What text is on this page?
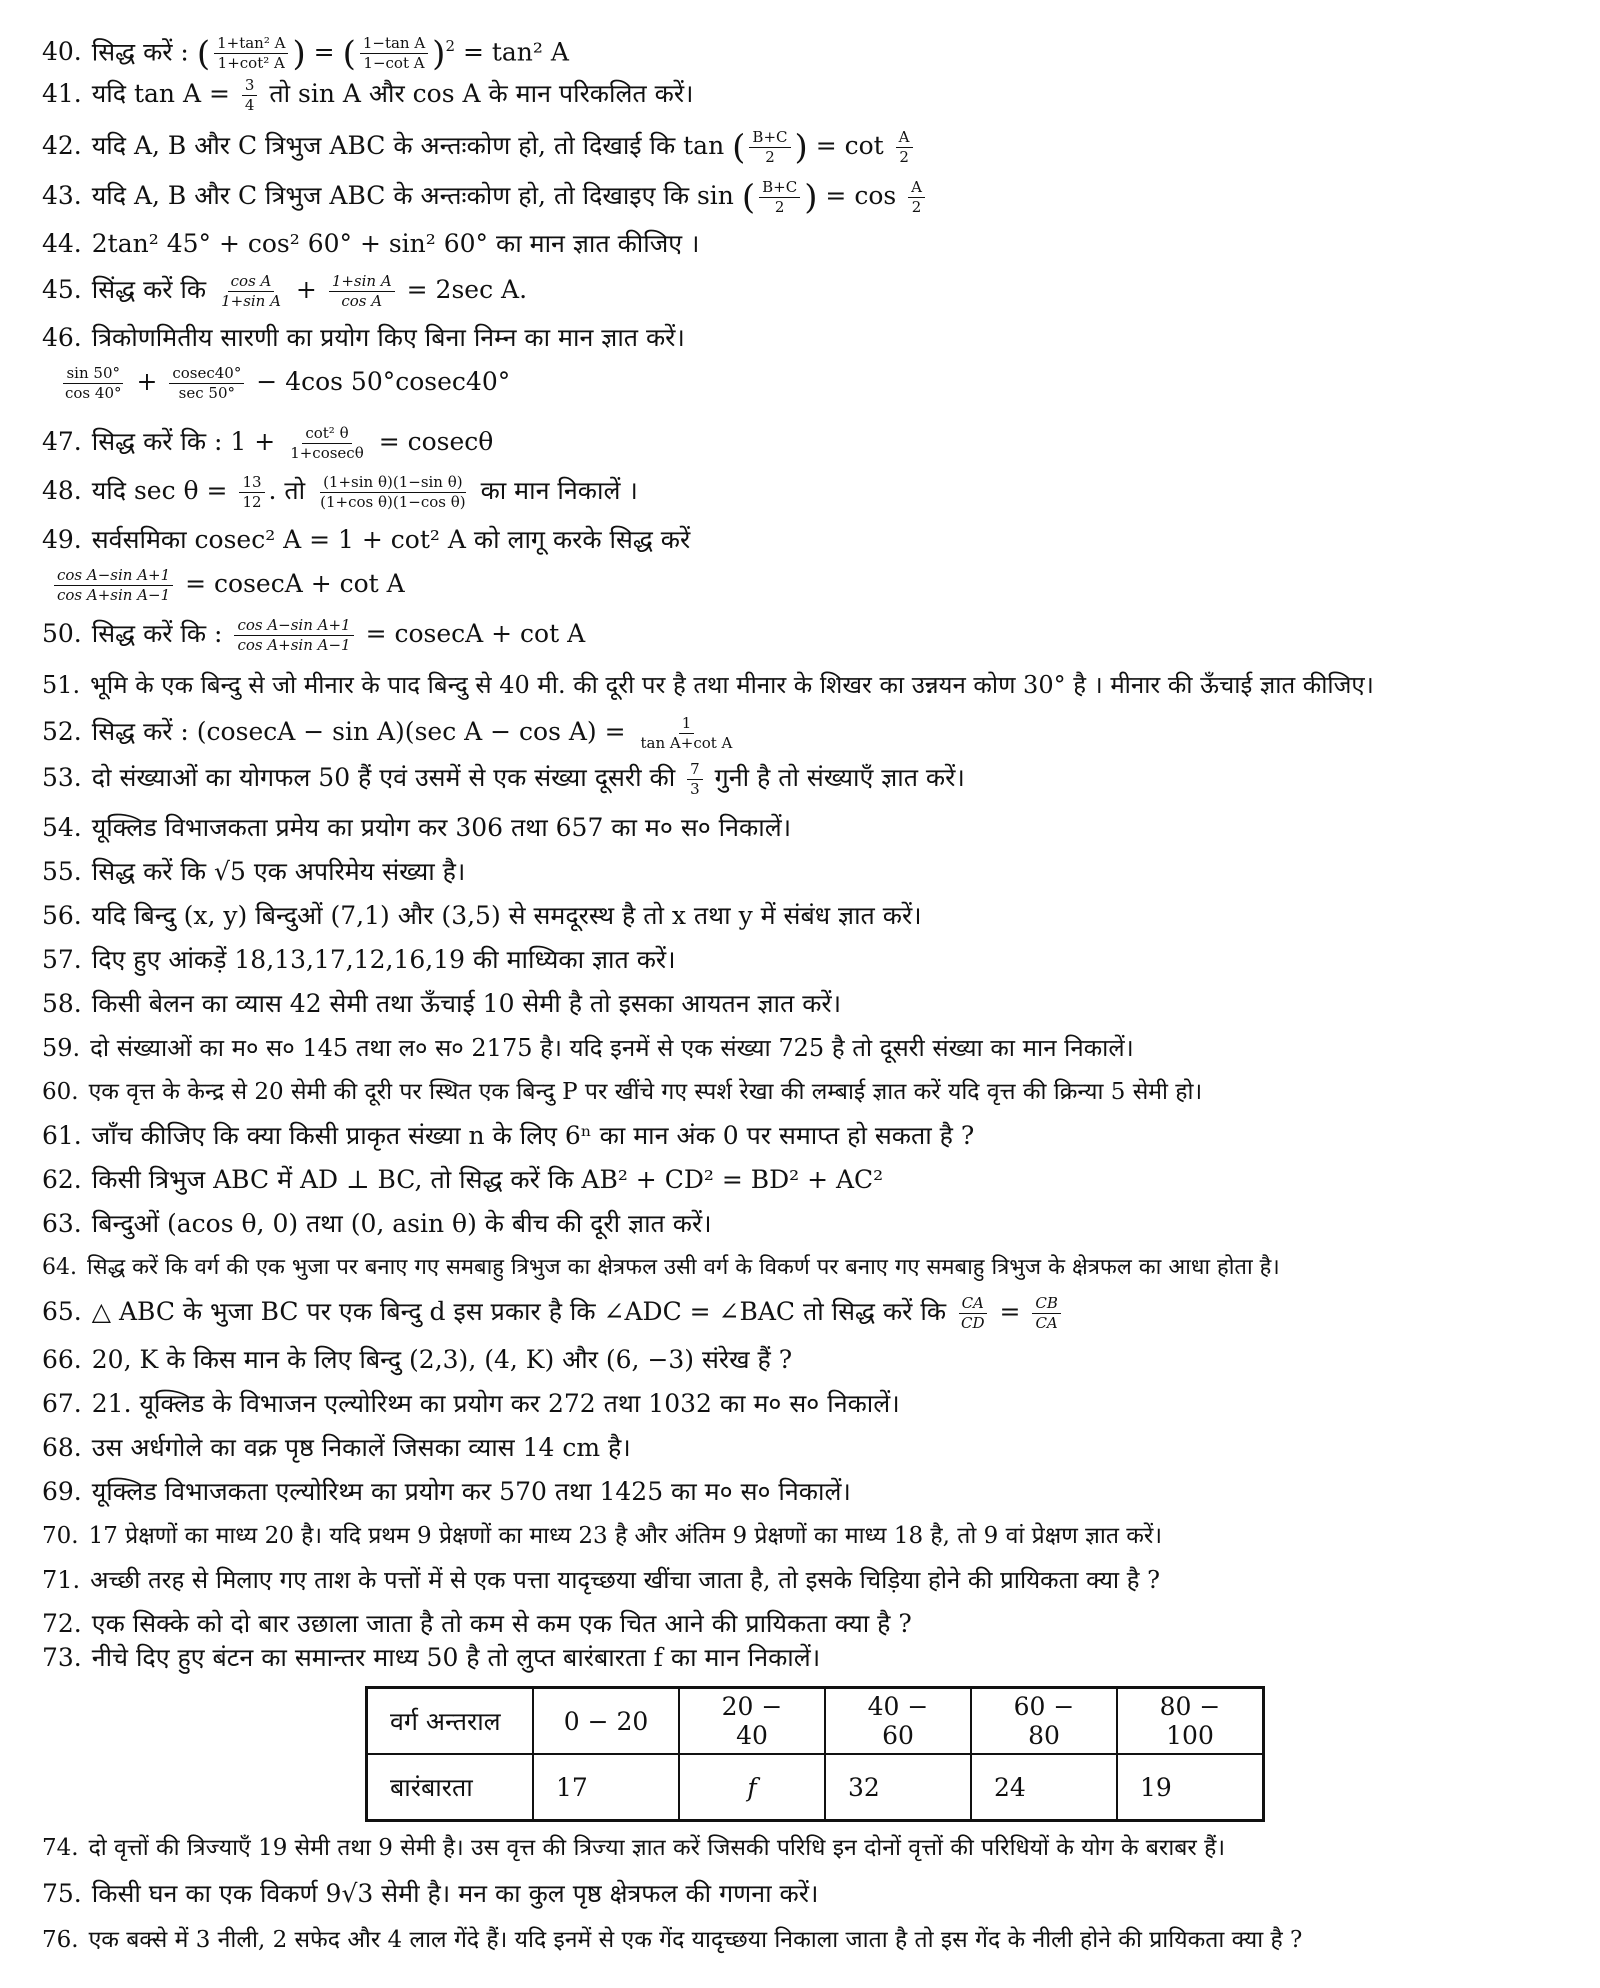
40. सिद्ध करें : ( $\frac{\text{1+tan² A}}{\text{1+cot² A}}$ ) = ( $\frac{\text{1−tan A}}{\text{1−cot A}} )^2 = \tan^2$ A
41. यदि $\tan A = \frac{3}{4}$ तो sin A और cos A के मान परिकलित करें।
42. यदि A, B और C त्रिभुज ABC के अन्तःकोण हो, तो दिखाई कि tan ( $\frac{B+C}{2}$ ) = $\cot \frac{A}{2}$
43. यदि A, B और C त्रिभुज ABC के अन्तःकोण हो, तो दिखाइए कि sin ( $\frac{B+C}{2}$ ) = $\cos \frac{A}{2}$
44. 2tan² 45° + cos² 60° + sin² 60° का मान ज्ञात कीजिए ।
45. सिंद्ध करें कि $\frac{\text{cos A}}{\text{1+sin A}} + \frac{\text{1+sin A}}{\text{cos A}} = 2\sec$ A.
46. त्रिकोणमितीय सारणी का प्रयोग किए बिना निम्न का मान ज्ञात करें।
$\frac{\sin 50^\circ}{\cos 40^\circ} + \frac{cosec40^\circ}{\sec 50^\circ} - 4\cos$ 50°cosec40°
47. सिद्ध करें कि : $1 + \frac{\text{cot² θ}}{1+cosec\theta} = cosec\theta$
48. यदि $\sec \theta = \frac{13}{12}$ . तो $\frac{\text{(1+sin θ)(1−sin θ)}}{\text{(1+cos θ)(1−cos θ)}}$ का मान निकालें ।
49. सर्वसमिका cosec² A = 1 + cot² A को लागू करके सिद्ध करें
$\frac{\text{cos A−sin A+1}}{\text{cos A+sin A−1}} = cosecA + \cot A$
50. सिद्ध करें कि : $\frac{\text{cos A−sin A+1}}{\text{cos A+sin A−1}} = cosecA + \cot A$
51. भूमि के एक बिन्दु से जो मीनार के पाद बिन्दु से 40 मी. की दूरी पर है तथा मीनार के शिखर का उन्नयन कोण 30° है । मीनार की ऊँचाई ज्ञात कीजिए।
52. सिद्ध करें : (cosecA − sin A)(sec $A - \cos A) = \frac{1}{\text{tan A+cot A}}$
53. दो संख्याओं का योगफल 50 हैं एवं उसमें से एक संख्या दूसरी की $\frac{7}{3}$ गुनी है तो संख्याएँ ज्ञात करें।
54. यूक्लिड विभाजकता प्रमेय का प्रयोग कर 306 तथा 657 का म० स० निकालें।
55. सिद्ध करें कि √5 एक अपरिमेय संख्या है।
56. यदि बिन्दु (x, y) बिन्दुओं (7,1) और (3,5) से समदूरस्थ है तो x तथा y में संबंध ज्ञात करें।
57. दिए हुए आंकड़ें 18,13,17,12,16,19 की माध्यिका ज्ञात करें।
58. किसी बेलन का व्यास 42 सेमी तथा ऊँचाई 10 सेमी है तो इसका आयतन ज्ञात करें।
59. दो संख्याओं का म० स० 145 तथा ल० स० 2175 है। यदि इनमें से एक संख्या 725 है तो दूसरी संख्या का मान निकालें।
60. एक वृत्त के केन्द्र से 20 सेमी की दूरी पर स्थित एक बिन्दु P पर खींचे गए स्पर्श रेखा की लम्बाई ज्ञात करें यदि वृत्त की क्रिन्या 5 सेमी हो।
61. जाँच कीजिए कि क्या किसी प्राकृत संख्या n के लिए 6ⁿ का मान अंक 0 पर समाप्त हो सकता है ?
62. किसी त्रिभुज ABC में AD ⊥ BC, तो सिद्ध करें कि AB² + CD² = BD² + AC²
63. बिन्दुओं (acos θ, 0) तथा (0, asin θ) के बीच की दूरी ज्ञात करें।
64. सिद्ध करें कि वर्ग की एक भुजा पर बनाए गए समबाहु त्रिभुज का क्षेत्रफल उसी वर्ग के विकर्ण पर बनाए गए समबाहु त्रिभुज के क्षेत्रफल का आधा होता है।
65. △ ABC के भुजा BC पर एक बिन्दु d इस प्रकार है कि ∠ADC = ∠BAC तो सिद्ध करें कि $\frac{CA}{CD} = \frac{CB}{CA}$
66. 20, K के किस मान के लिए बिन्दु (2,3), (4, K) और (6, −3) संरेख हैं ?
67. 21. यूक्लिड के विभाजन एल्योरिथ्म का प्रयोग कर 272 तथा 1032 का म० स० निकालें।
68. उस अर्धगोले का वक्र पृष्ठ निकालें जिसका व्यास 14 cm है।
69. यूक्लिड विभाजकता एल्योरिथ्म का प्रयोग कर 570 तथा 1425 का म० स० निकालें।
70. 17 प्रेक्षणों का माध्य 20 है। यदि प्रथम 9 प्रेक्षणों का माध्य 23 है और अंतिम 9 प्रेक्षणों का माध्य 18 है, तो 9 वां प्रेक्षण ज्ञात करें।
71. अच्छी तरह से मिलाए गए ताश के पत्तों में से एक पत्ता यादृच्छया खींचा जाता है, तो इसके चिड़िया होने की प्रायिकता क्या है ?
72. एक सिक्के को दो बार उछाला जाता है तो कम से कम एक चित आने की प्रायिकता क्या है ?
73. नीचे दिए हुए बंटन का समान्तर माध्य 50 है तो लुप्त बारंबारता f का मान निकालें।
वर्ग अन्तराल	0 − 20	20 − 40	40 − 60	60 − 80	80 − 100
बारंबारता	17	f	32	24	19
74. दो वृत्तों की त्रिज्याएँ 19 सेमी तथा 9 सेमी है। उस वृत्त की त्रिज्या ज्ञात करें जिसकी परिधि इन दोनों वृत्तों की परिधियों के योग के बराबर हैं।
75. किसी घन का एक विकर्ण 9√3 सेमी है। मन का कुल पृष्ठ क्षेत्रफल की गणना करें।
76. एक बक्से में 3 नीली, 2 सफेद और 4 लाल गेंदे हैं। यदि इनमें से एक गेंद यादृच्छया निकाला जाता है तो इस गेंद के नीली होने की प्रायिकता क्या है ?
